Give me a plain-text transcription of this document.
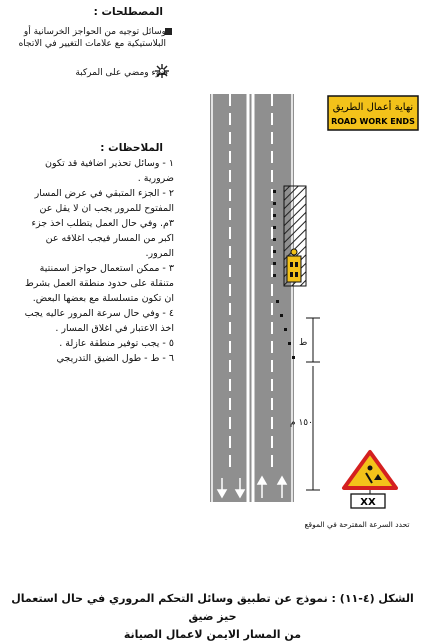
المصطلحات :
وسائل توجيه من الحواجز الخرسانية أو البلاستيكية مع علامات التغيير في الاتجاه
ضوء ومضي على المركبة
الملاحظات :

١ - وسائل تحذير اضافية قد تكون ضرورية .

٢ - الجزء المتبقي في عرض المسار المفتوح للمرور يجب ان لا يقل عن ٣م. وفي حال العمل يتطلب اخذ جزء اكبر من المسار فيجب اغلاقه عن المرور.

٣ - ممكن استعمال حواجز اسمنتية متنقلة على حدود منطقة العمل بشرط ان تكون متسلسلة مع بعضها البعض.

٤ - وفي حال سرعة المرور عاليه يجب اخذ الاعتبار في اغلاق المسار .

٥ - يجب توفير منطقة عازلة .

٦ - ط - طول الضيق التدريجي

XX
نهاية أعمال الطريق
ROAD WORK ENDS
ط
١٥٠ م
تحدد السرعة المقترحة في الموقع
الشكل (٤-١١) : نموذج عن تطبيق وسائل التحكم المروري في حال استعمال حيز ضيق
من المسار الايمن لاعمال الصيانة
